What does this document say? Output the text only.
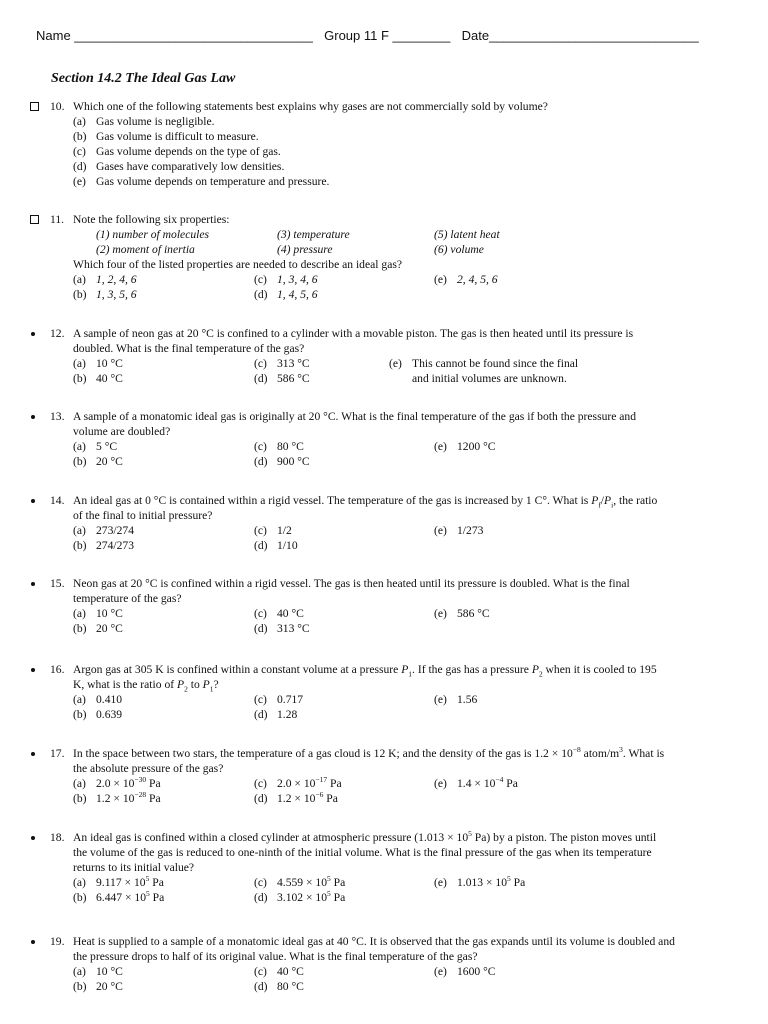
Name _________________________________ Group 11 F ________ Date_____________________________
Section 14.2 The Ideal Gas Law
10. Which one of the following statements best explains why gases are not commercially sold by volume?
(a) Gas volume is negligible.
(b) Gas volume is difficult to measure.
(c) Gas volume depends on the type of gas.
(d) Gases have comparatively low densities.
(e) Gas volume depends on temperature and pressure.
11. Note the following six properties:
(1) number of molecules	(3) temperature	(5) latent heat
(2) moment of inertia	(4) pressure	(6) volume
Which four of the listed properties are needed to describe an ideal gas?
(a) 1, 2, 4, 6	(c) 1, 3, 4, 6	(e) 2, 4, 5, 6
(b) 1, 3, 5, 6	(d) 1, 4, 5, 6
12. A sample of neon gas at 20 °C is confined to a cylinder with a movable piston. The gas is then heated until its pressure is
doubled. What is the final temperature of the gas?
(a) 10 °C	(c) 313 °C	(e) This cannot be found since the final
(b) 40 °C	(d) 586 °C	and initial volumes are unknown.
13. A sample of a monatomic ideal gas is originally at 20 °C. What is the final temperature of the gas if both the pressure and
volume are doubled?
(a) 5 °C	(c) 80 °C	(e) 1200 °C
(b) 20 °C	(d) 900 °C
14. An ideal gas at 0 °C is contained within a rigid vessel. The temperature of the gas is increased by 1 C°. What is $P_f/P_i$, the ratio
of the final to initial pressure?
(a) 273/274	(c) 1/2	(e) 1/273
(b) 274/273	(d) 1/10
15. Neon gas at 20 °C is confined within a rigid vessel. The gas is then heated until its pressure is doubled. What is the final
temperature of the gas?
(a) 10 °C	(c) 40 °C	(e) 586 °C
(b) 20 °C	(d) 313 °C
16. Argon gas at 305 K is confined within a constant volume at a pressure $P_1$. If the gas has a pressure $P_2$ when it is cooled to 195
K, what is the ratio of $P_2$ to $P_1$?
(a) 0.410	(c) 0.717	(e) 1.56
(b) 0.639	(d) 1.28
17. In the space between two stars, the temperature of a gas cloud is 12 K; and the density of the gas is $1.2 \times 10^{-8}$ atom/$m^3$. What is
the absolute pressure of the gas?
(a) $2.0 \times 10^{-30}$ Pa	(c) $2.0 \times 10^{-17}$ Pa	(e) $1.4 \times 10^{-4}$ Pa
(b) $1.2 \times 10^{-28}$ Pa	(d) $1.2 \times 10^{-6}$ Pa
18. An ideal gas is confined within a closed cylinder at atmospheric pressure ($1.013 \times 10^5$ Pa) by a piston. The piston moves until
the volume of the gas is reduced to one-ninth of the initial volume. What is the final pressure of the gas when its temperature
returns to its initial value?
(a) $9.117 \times 10^5$ Pa	(c) $4.559 \times 10^5$ Pa	(e) $1.013 \times 10^5$ Pa
(b) $6.447 \times 10^5$ Pa	(d) $3.102 \times 10^5$ Pa
19. Heat is supplied to a sample of a monatomic ideal gas at 40 °C. It is observed that the gas expands until its volume is doubled and
the pressure drops to half of its original value. What is the final temperature of the gas?
(a) 10 °C	(c) 40 °C	(e) 1600 °C
(b) 20 °C	(d) 80 °C
